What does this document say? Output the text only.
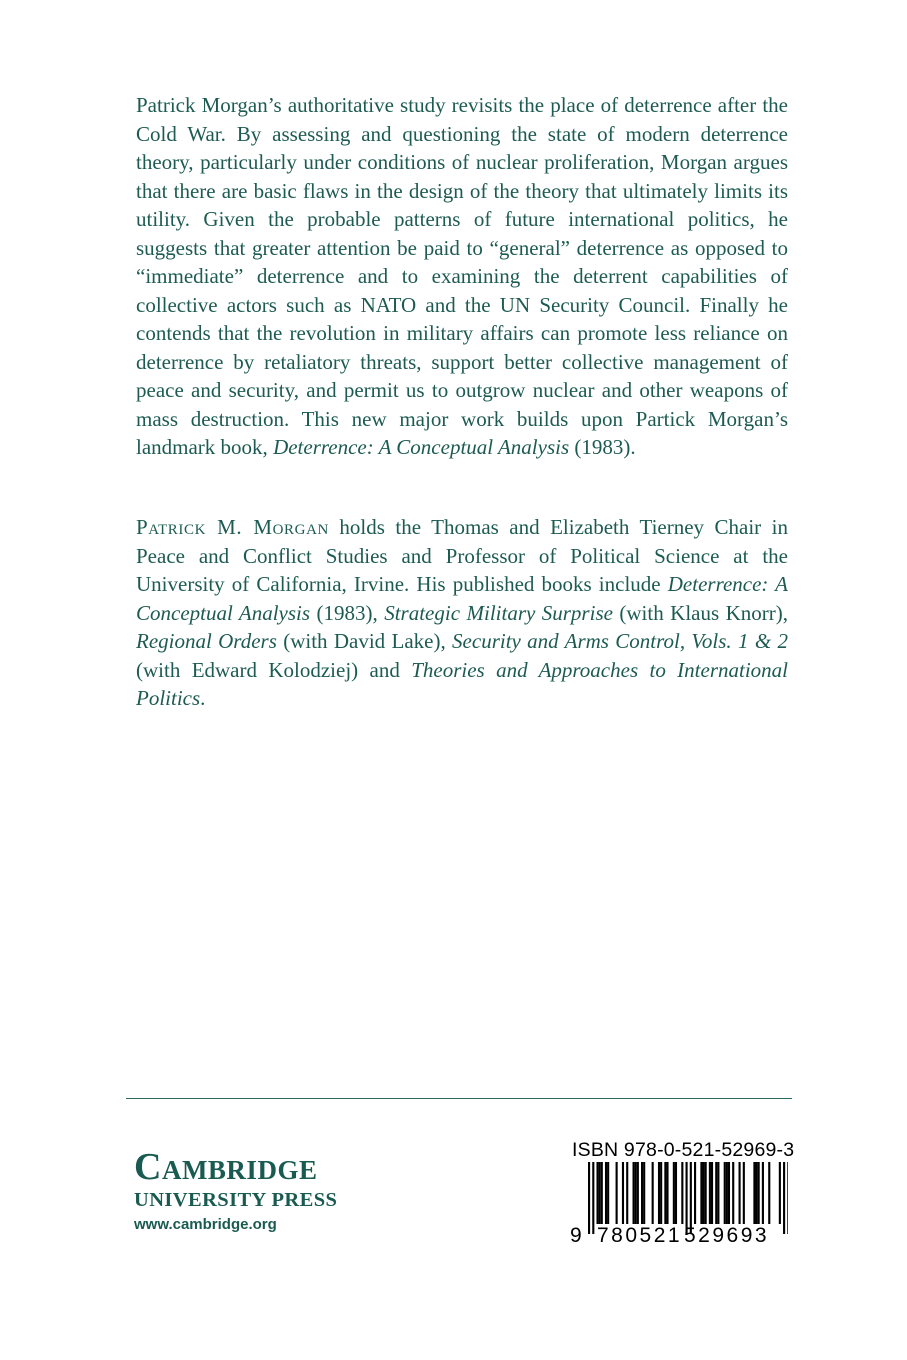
Patrick Morgan’s authoritative study revisits the place of deterrence after the Cold War. By assessing and questioning the state of modern deterrence theory, particularly under conditions of nuclear proliferation, Morgan argues that there are basic flaws in the design of the theory that ultimately limits its utility. Given the probable patterns of future international politics, he suggests that greater attention be paid to “general” deterrence as opposed to “immediate” deterrence and to examining the deterrent capabilities of collective actors such as NATO and the UN Security Council. Finally he contends that the revolution in military affairs can promote less reliance on deterrence by retaliatory threats, support better collective management of peace and security, and permit us to outgrow nuclear and other weapons of mass destruction. This new major work builds upon Partick Morgan’s landmark book, Deterrence: A Conceptual Analysis (1983).

Patrick M. Morgan holds the Thomas and Elizabeth Tierney Chair in Peace and Conflict Studies and Professor of Political Science at the University of California, Irvine. His published books include Deterrence: A Conceptual Analysis (1983), Strategic Military Surprise (with Klaus Knorr), Regional Orders (with David Lake), Security and Arms Control, Vols. 1 & 2 (with Edward Kolodziej) and Theories and Approaches to International Politics.

Cambridge
UNIVERSITY PRESS
www.cambridge.org
ISBN 978-0-521-52969-3
9 780521 529693
